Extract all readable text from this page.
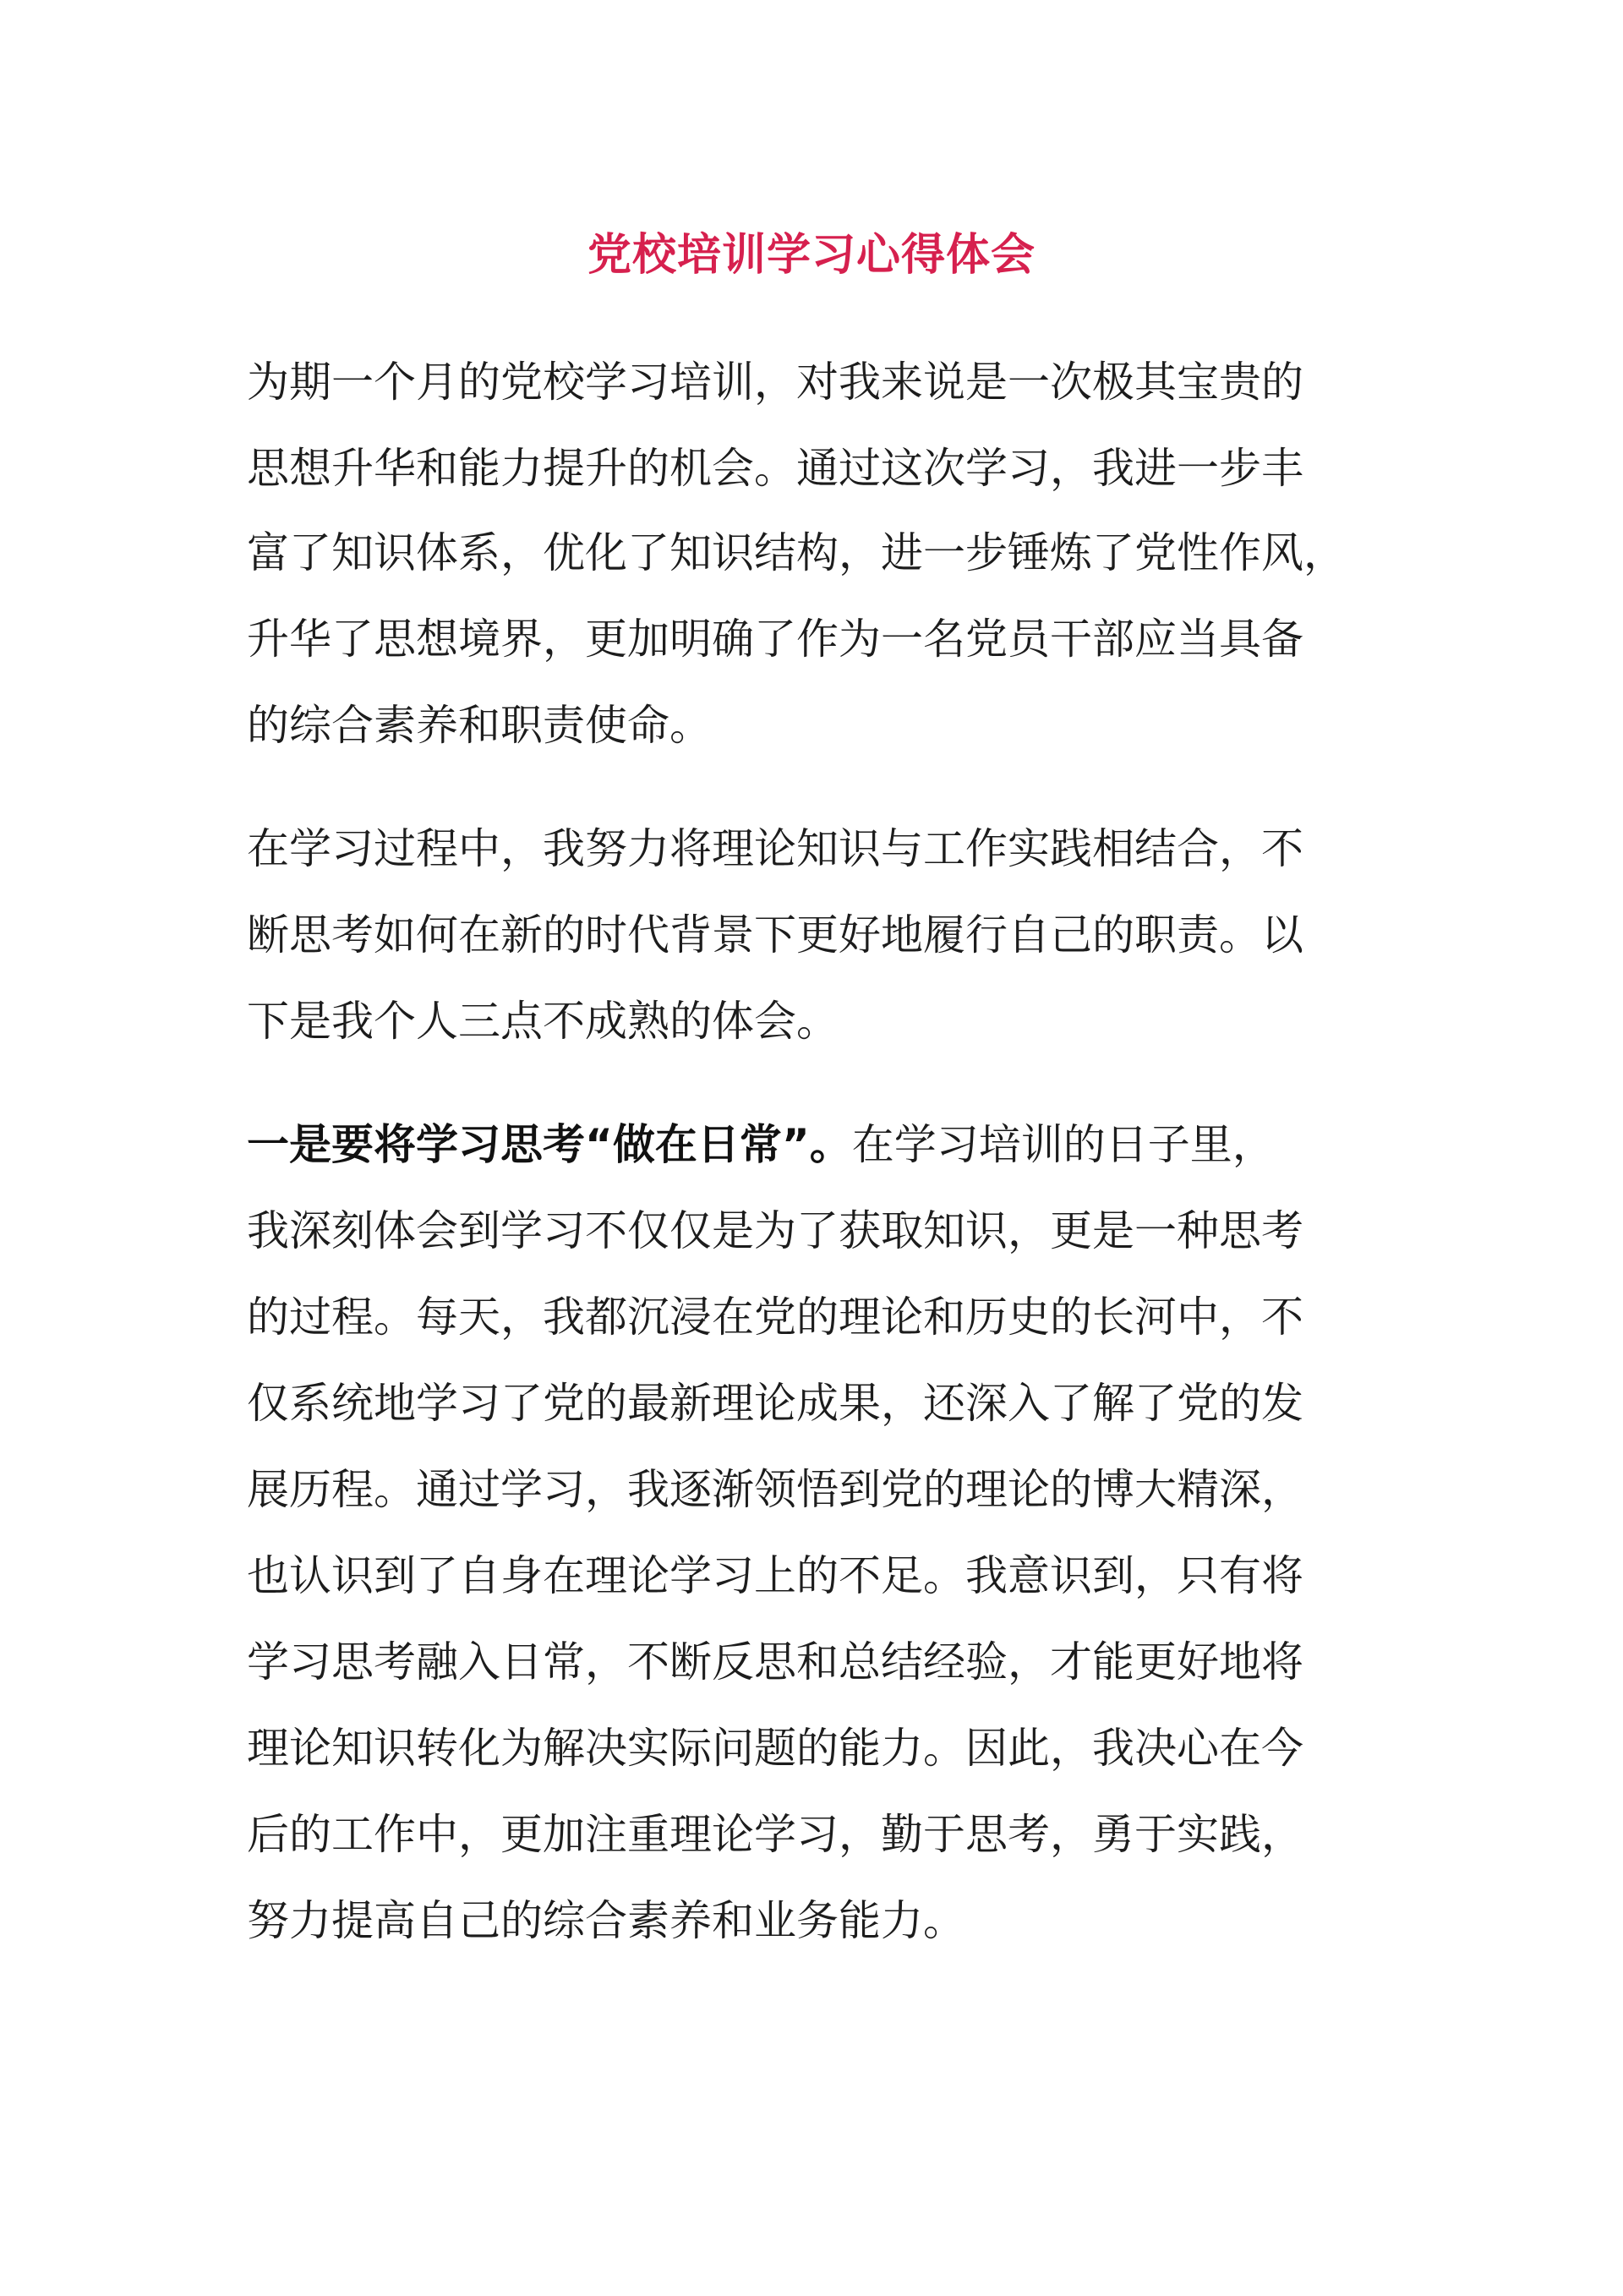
党校培训学习心得体会

为期一个月的党校学习培训，对我来说是一次极其宝贵的

思想升华和能力提升的机会。通过这次学习，我进一步丰

富了知识体系，优化了知识结构，进一步锤炼了党性作风，

升华了思想境界，更加明确了作为一名党员干部应当具备

的综合素养和职责使命。

在学习过程中，我努力将理论知识与工作实践相结合，不

断思考如何在新的时代背景下更好地履行自己的职责。以

下是我个人三点不成熟的体会。

一是要将学习思考“做在日常”。在学习培训的日子里，

我深刻体会到学习不仅仅是为了获取知识，更是一种思考

的过程。每天，我都沉浸在党的理论和历史的长河中，不

仅系统地学习了党的最新理论成果，还深入了解了党的发

展历程。通过学习，我逐渐领悟到党的理论的博大精深，

也认识到了自身在理论学习上的不足。我意识到，只有将

学习思考融入日常，不断反思和总结经验，才能更好地将

理论知识转化为解决实际问题的能力。因此，我决心在今

后的工作中，更加注重理论学习，勤于思考，勇于实践，

努力提高自己的综合素养和业务能力。
